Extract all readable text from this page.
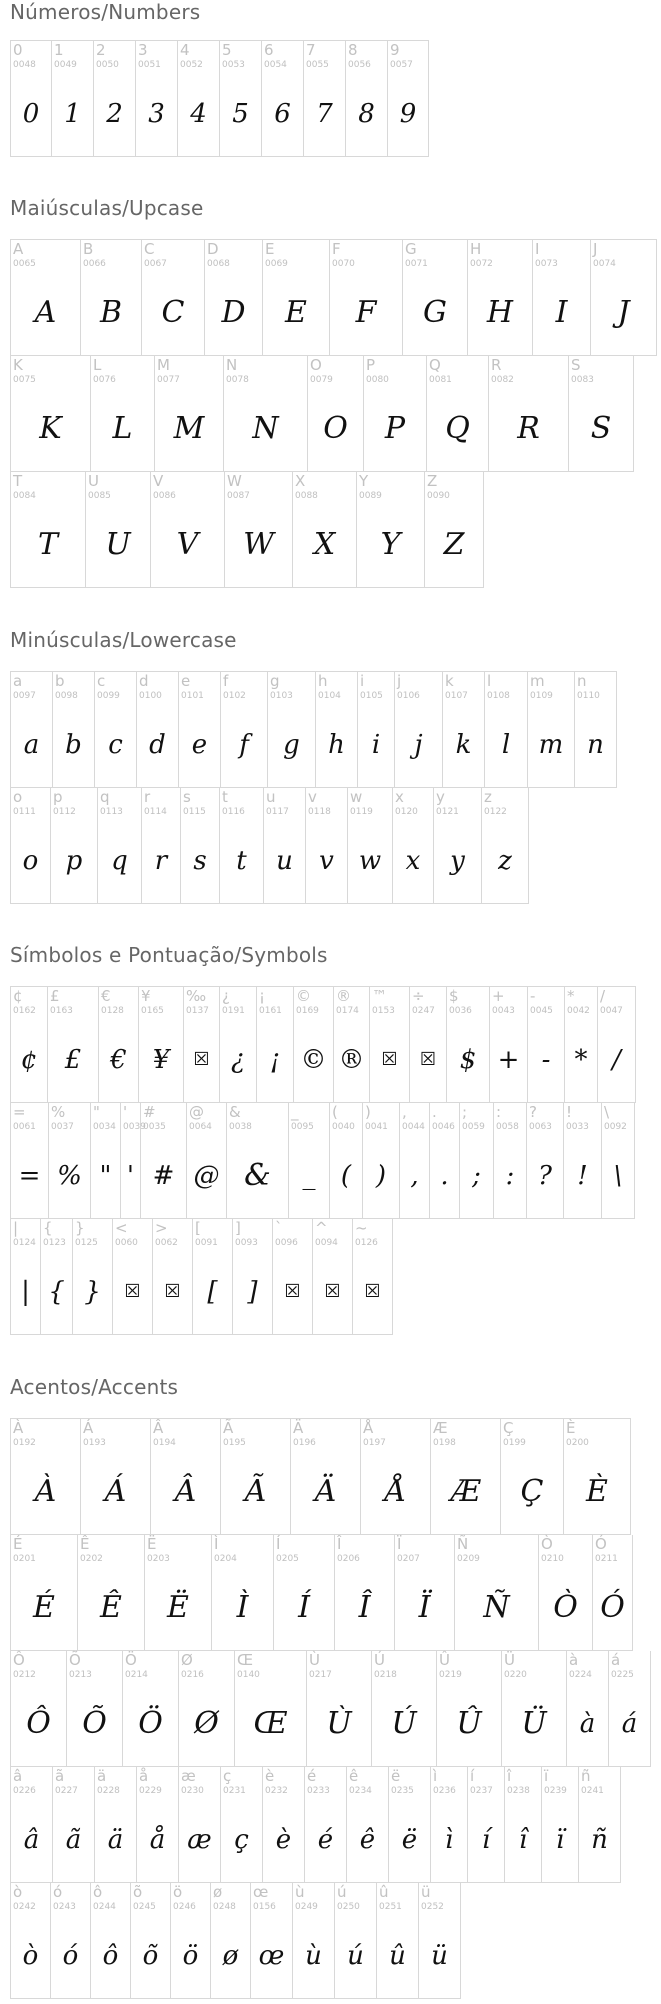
Números/Numbers
0
0048
0
1
0049
1
2
0050
2
3
0051
3
4
0052
4
5
0053
5
6
0054
6
7
0055
7
8
0056
8
9
0057
9
Maiúsculas/Upcase
A
0065
A
B
0066
B
C
0067
C
D
0068
D
E
0069
E
F
0070
F
G
0071
G
H
0072
H
I
0073
I
J
0074
J
K
0075
K
L
0076
L
M
0077
M
N
0078
N
O
0079
O
P
0080
P
Q
0081
Q
R
0082
R
S
0083
S
T
0084
T
U
0085
U
V
0086
V
W
0087
W
X
0088
X
Y
0089
Y
Z
0090
Z
Minúsculas/Lowercase
a
0097
a
b
0098
b
c
0099
c
d
0100
d
e
0101
e
f
0102
f
g
0103
g
h
0104
h
i
0105
i
j
0106
j
k
0107
k
l
0108
l
m
0109
m
n
0110
n
o
0111
o
p
0112
p
q
0113
q
r
0114
r
s
0115
s
t
0116
t
u
0117
u
v
0118
v
w
0119
w
x
0120
x
y
0121
y
z
0122
z
Símbolos e Pontuação/Symbols
¢
0162
¢
£
0163
£
€
0128
€
¥
0165
¥
‰
0137
☒
¿
0191
¿
¡
0161
¡
©
0169
©
®
0174
®
™
0153
☒
÷
0247
☒
$
0036
$
+
0043
+
-
0045
-
*
0042
*
/
0047
/
=
0061
=
%
0037
%
"
0034
"
'
0039
'
#
0035
#
@
0064
@
&
0038
&
_
0095
_
(
0040
(
)
0041
)
,
0044
,
.
0046
.
;
0059
;
:
0058
:
?
0063
?
!
0033
!
\
0092
\
|
0124
|
{
0123
{
}
0125
}
<
0060
☒
>
0062
☒
[
0091
[
]
0093
]
`
0096
☒
^
0094
☒
~
0126
☒
Acentos/Accents
À
0192
À
Á
0193
Á
Â
0194
Â
Ã
0195
Ã
Ä
0196
Ä
Å
0197
Å
Æ
0198
Æ
Ç
0199
Ç
È
0200
È
É
0201
É
Ê
0202
Ê
Ë
0203
Ë
Ì
0204
Ì
Í
0205
Í
Î
0206
Î
Ï
0207
Ï
Ñ
0209
Ñ
Ò
0210
Ò
Ó
0211
Ó
Ô
0212
Ô
Õ
0213
Õ
Ö
0214
Ö
Ø
0216
Ø
Œ
0140
Œ
Ù
0217
Ù
Ú
0218
Ú
Û
0219
Û
Ü
0220
Ü
à
0224
à
á
0225
á
â
0226
â
ã
0227
ã
ä
0228
ä
å
0229
å
æ
0230
æ
ç
0231
ç
è
0232
è
é
0233
é
ê
0234
ê
ë
0235
ë
ì
0236
ì
í
0237
í
î
0238
î
ï
0239
ï
ñ
0241
ñ
ò
0242
ò
ó
0243
ó
ô
0244
ô
õ
0245
õ
ö
0246
ö
ø
0248
ø
œ
0156
œ
ù
0249
ù
ú
0250
ú
û
0251
û
ü
0252
ü
